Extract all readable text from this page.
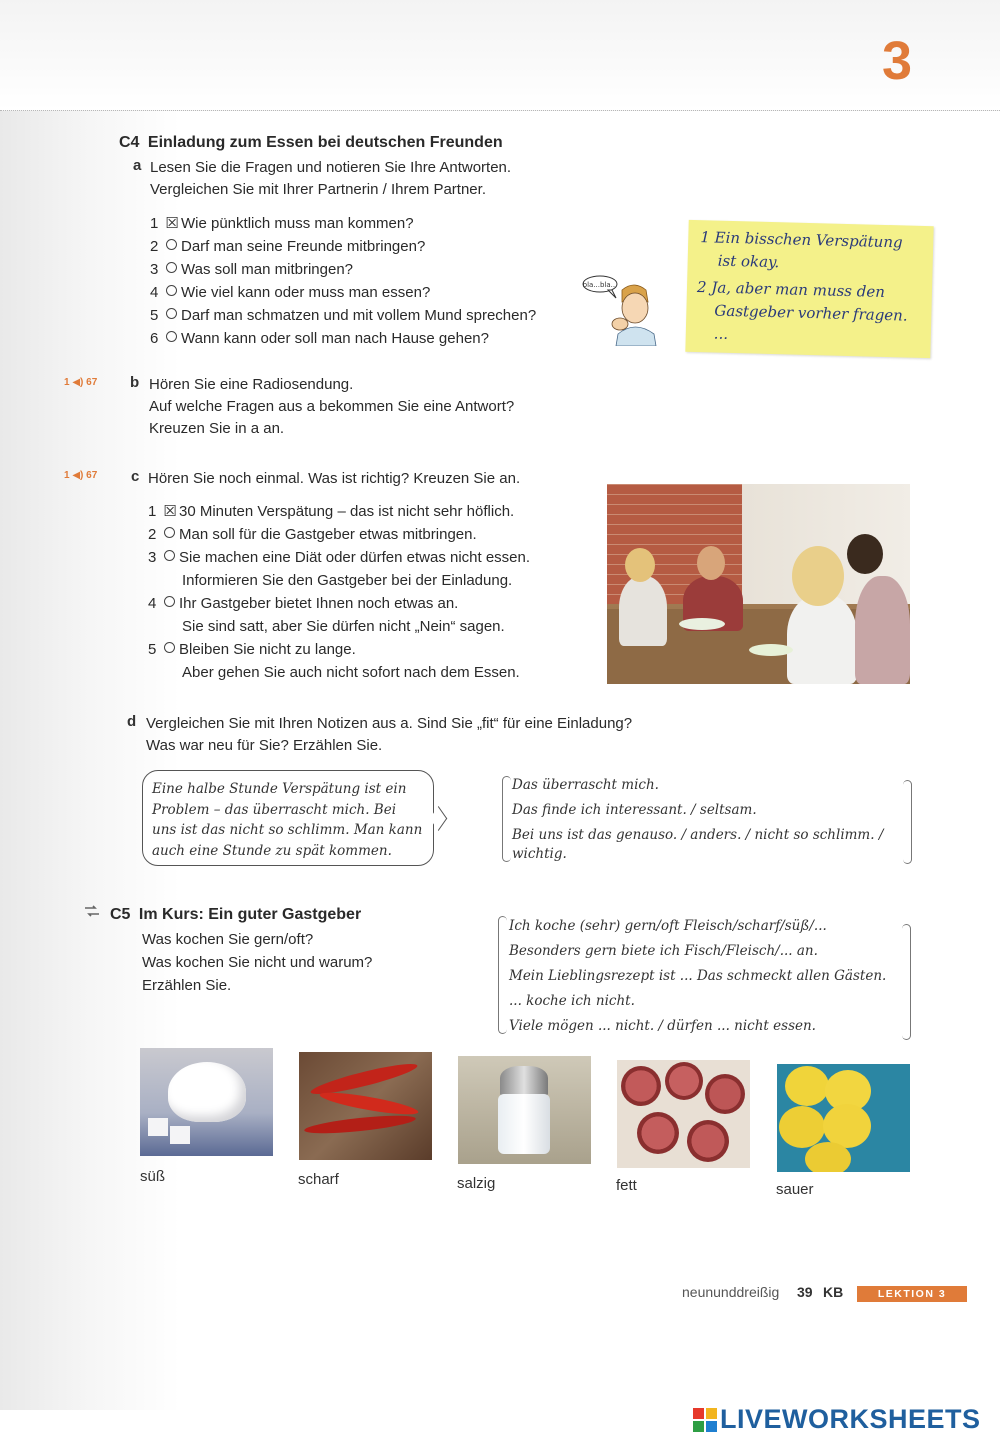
3
C4 Einladung zum Essen bei deutschen Freunden
a Lesen Sie die Fragen und notieren Sie Ihre Antworten.
Vergleichen Sie mit Ihrer Partnerin / Ihrem Partner.
1 ☒ Wie pünktlich muss man kommen?
2 Darf man seine Freunde mitbringen?
3 Was soll man mitbringen?
4 Wie viel kann oder muss man essen?
5 Darf man schmatzen und mit vollem Mund sprechen?
6 Wann kann oder soll man nach Hause gehen?
bla...bla...
1 Ein bisschen Verspätung
ist okay.
2 Ja, aber man muss den
Gastgeber vorher fragen.
...
1 ◀) 67 b Hören Sie eine Radiosendung.
Auf welche Fragen aus a bekommen Sie eine Antwort?
Kreuzen Sie in a an.
1 ◀) 67 c Hören Sie noch einmal. Was ist richtig? Kreuzen Sie an.
1 ☒ 30 Minuten Verspätung – das ist nicht sehr höflich.
2 Man soll für die Gastgeber etwas mitbringen.
3 Sie machen eine Diät oder dürfen etwas nicht essen.
Informieren Sie den Gastgeber bei der Einladung.
4 Ihr Gastgeber bietet Ihnen noch etwas an.
Sie sind satt, aber Sie dürfen nicht „Nein“ sagen.
5 Bleiben Sie nicht zu lange.
Aber gehen Sie auch nicht sofort nach dem Essen.
d Vergleichen Sie mit Ihren Notizen aus a. Sind Sie „fit“ für eine Einladung?
Was war neu für Sie? Erzählen Sie.
Eine halbe Stunde Verspätung ist ein
Problem – das überrascht mich. Bei
uns ist das nicht so schlimm. Man kann
auch eine Stunde zu spät kommen.
Das überrascht mich.
Das finde ich interessant. / seltsam.
Bei uns ist das genauso. / anders. / nicht so schlimm. /
wichtig.
C5 Im Kurs: Ein guter Gastgeber
Was kochen Sie gern/oft?
Was kochen Sie nicht und warum?
Erzählen Sie.
Ich koche (sehr) gern/oft Fleisch/scharf/süß/...
Besonders gern biete ich Fisch/Fleisch/... an.
Mein Lieblingsrezept ist ... Das schmeckt allen Gästen.
... koche ich nicht.
Viele mögen ... nicht. / dürfen ... nicht essen.
süß	scharf	salzig	fett	sauer
neununddreißig 39 KB	LEKTION 3
LIVEWORKSHEETS
